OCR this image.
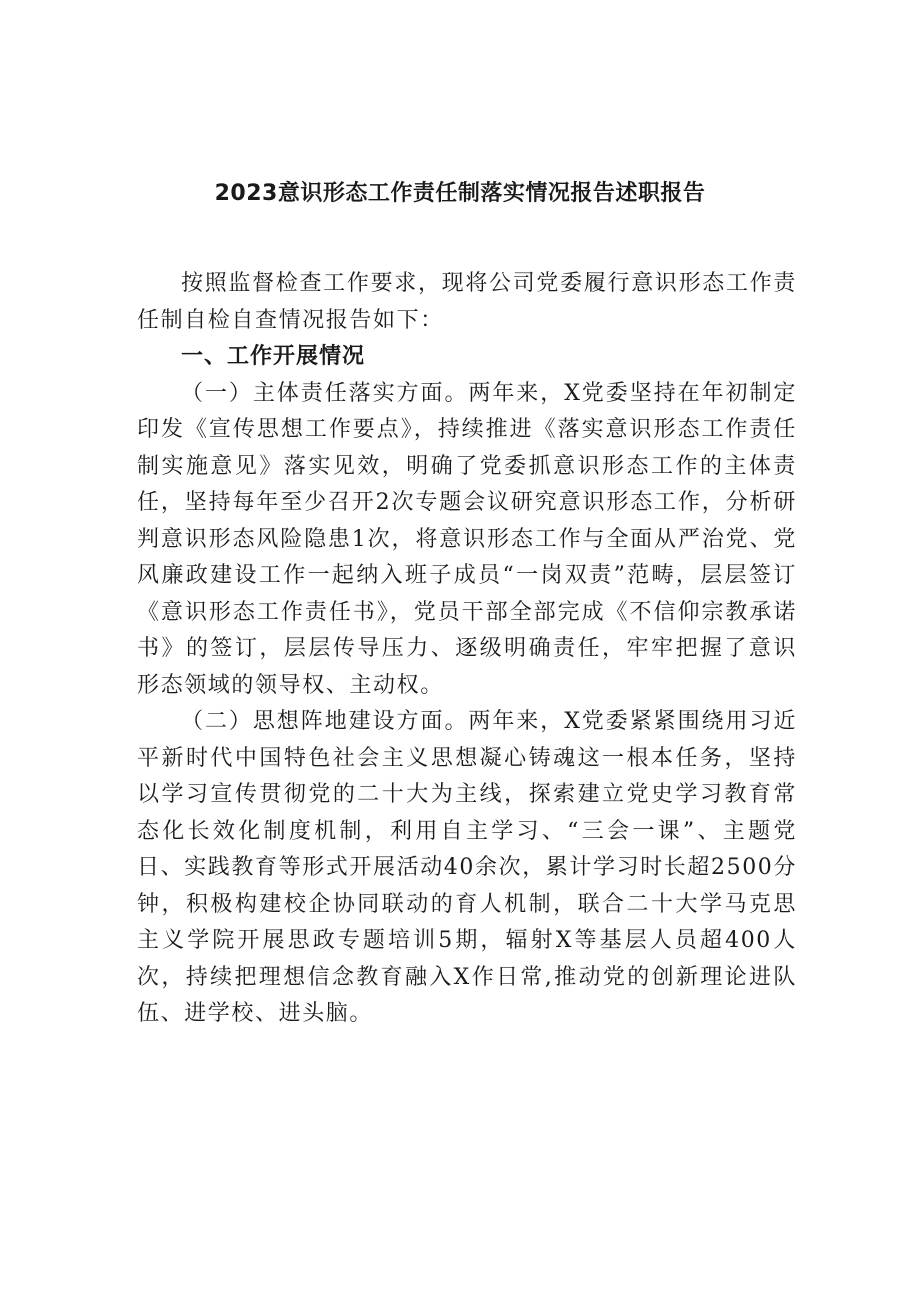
2023意识形态工作责任制落实情况报告述职报告

按照监督检查工作要求，现将公司党委履行意识形态工作责任制自检自查情况报告如下：

一、工作开展情况

（一）主体责任落实方面。两年来，X党委坚持在年初制定印发《宣传思想工作要点》，持续推进《落实意识形态工作责任制实施意见》落实见效，明确了党委抓意识形态工作的主体责任，坚持每年至少召开2次专题会议研究意识形态工作，分析研判意识形态风险隐患1次，将意识形态工作与全面从严治党、党风廉政建设工作一起纳入班子成员“一岗双责”范畴，层层签订《意识形态工作责任书》，党员干部全部完成《不信仰宗教承诺书》的签订，层层传导压力、逐级明确责任，牢牢把握了意识形态领域的领导权、主动权。

（二）思想阵地建设方面。两年来，X党委紧紧围绕用习近平新时代中国特色社会主义思想凝心铸魂这一根本任务，坚持以学习宣传贯彻党的二十大为主线，探索建立党史学习教育常态化长效化制度机制，利用自主学习、“三会一课”、主题党日、实践教育等形式开展活动40余次，累计学习时长超2500分钟，积极构建校企协同联动的育人机制，联合二十大学马克思主义学院开展思政专题培训5期，辐射X等基层人员超400人次，持续把理想信念教育融入X作日常,推动党的创新理论进队伍、进学校、进头脑。
